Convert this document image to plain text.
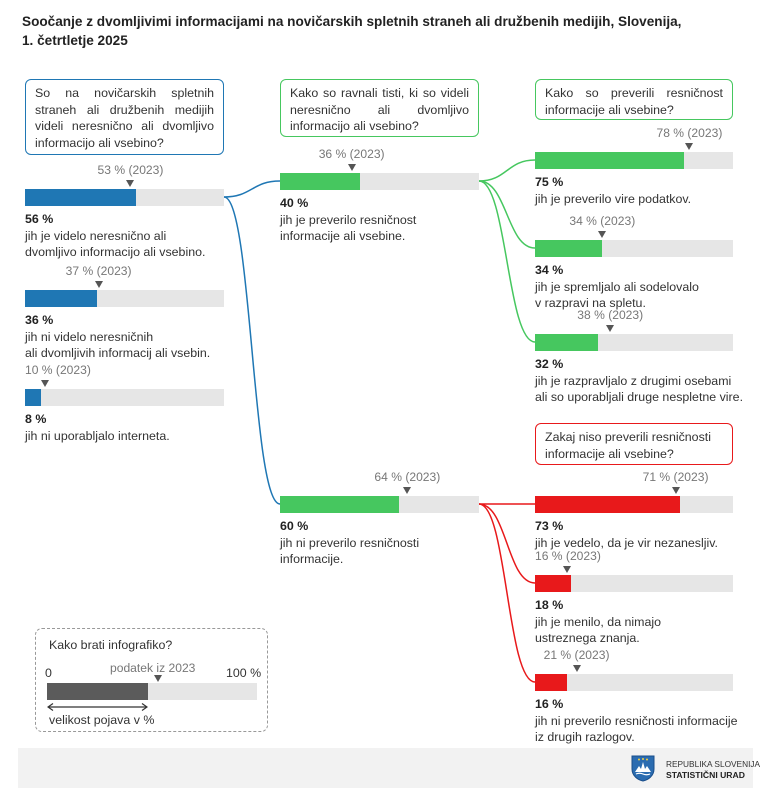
Soočanje z dvomljivimi informacijami na novičarskih spletnih straneh ali družbenih medijih, Slovenija,
1. četrtletje 2025
So na novičarskih spletnih straneh ali družbenih medijih videli neresnično ali dvomljivo informacijo ali vsebino?
Kako so ravnali tisti, ki so videli neresnično ali dvomljivo informacijo ali vsebino?
Kako so preverili resničnost informacije ali vsebine?
Zakaj niso preverili resničnosti informacije ali vsebine?
53 % (2023)
56 %
jih je videlo neresnično ali
dvomljivo informacijo ali vsebino.
37 % (2023)
36 %
jih ni videlo neresničnih
ali dvomljivih informacij ali vsebin.
10 % (2023)
8 %
jih ni uporabljalo interneta.
36 % (2023)
40 %
jih je preverilo resničnost
informacije ali vsebine.
64 % (2023)
60 %
jih ni preverilo resničnosti
informacije.
78 % (2023)
75 %
jih je preverilo vire podatkov.
34 % (2023)
34 %
jih je spremljalo ali sodelovalo
v razpravi na spletu.
38 % (2023)
32 %
jih je razpravljalo z drugimi osebami
ali so uporabljali druge nespletne vire.
71 % (2023)
73 %
jih je vedelo, da je vir nezanesljiv.
16 % (2023)
18 %
jih je menilo, da nimajo
ustreznega znanja.
21 % (2023)
16 %
jih ni preverilo resničnosti informacije
iz drugih razlogov.
Kako brati infografiko?
0	podatek iz 2023 100 %
velikost pojava v %
REPUBLIKA SLOVENIJA
STATISTIČNI URAD
